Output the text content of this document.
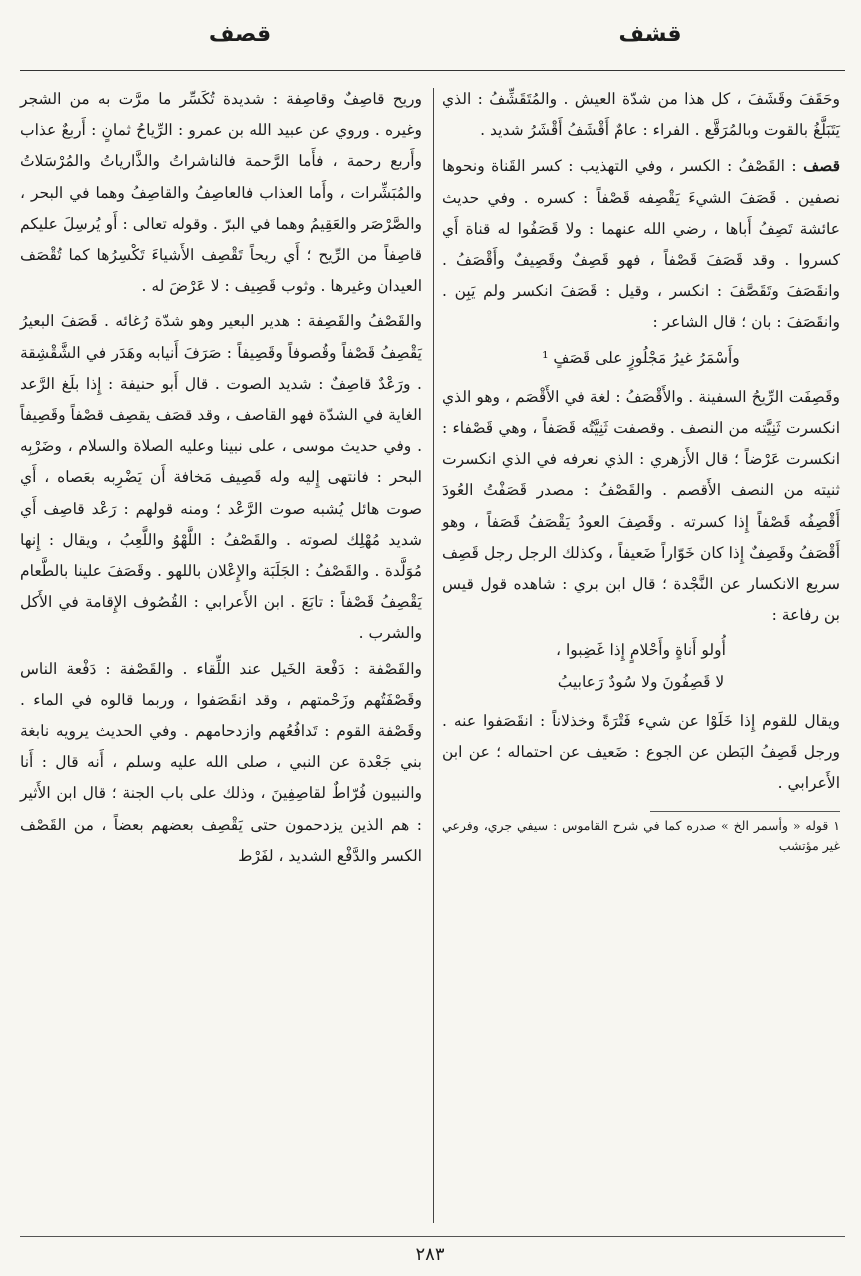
قشف
قصف

وحَقَفَ وقَشَفَ ، كل هذا من شدّة العيش . والمُتَقَشِّفُ : الذي يَتَبَلَّغُ بالقوت وبالمُرَقَّع . الفراء : عامٌ أَقْشَفُ أَقْشَرُ شديد .

قصف : القَصْفُ : الكسر ، وفي التهذيب : كسر القَناة ونحوها نصفين . قَصَفَ الشيءَ يَقْصِفه قَصْفاً : كسره . وفي حديث عائشة تَصِفُ أَباها ، رضي الله عنهما : ولا قَصَفُوا له قناة أَي كسروا . وقد قَصَفَ قَصْفاً ، فهو قَصِفٌ وقَصِيفٌ وأَقْصَفُ . وانقَصَفَ وتَقَصَّفَ : انكسر ، وقيل : قَصَفَ انكسر ولم يَبِن . وانقَصَفَ : بان ؛ قال الشاعر :

وأَسْمَرُ غيرُ مَجْلُوزٍ على قَصَفٍ ¹

وقَصِفَت الرِّيحُ السفينة . والأَقْصَفُ : لغة في الأَقْصَم ، وهو الذي انكسرت ثَنِيَّته من النصف . وقصفت ثَنِيَّتُه قَصَفاً ، وهي قَصْفاء : انكسرت عَرْضاً ؛ قال الأَزهري : الذي نعرفه في الذي انكسرت ثنيته من النصف الأَقصم . والقَصْفُ : مصدر قَصَفْتُ العُودَ أَقْصِفُه قَصْفاً إِذا كسرته . وقَصِفَ العودُ يَقْصَفُ قَصَفاً ، وهو أَقْصَفُ وقَصِفٌ إِذا كان خَوّاراً ضَعيفاً ، وكذلك الرجل رجل قَصِف سريع الانكسار عن النَّجْدة ؛ قال ابن بري : شاهده قول قيس بن رفاعة :

أُولو أَناةٍ وأَحْلامٍ إِذا غَضِبوا ،
لا قَصِفُونَ ولا سُودٌ رَعابيبُ

ويقال للقوم إِذا خَلَوْا عن شيء فَتْرَةً وخذلاناً : انقَصَفوا عنه . ورجل قَصِفُ البَطن عن الجوع : ضَعيف عن احتماله ؛ عن ابن الأَعرابي .

١ قوله « وأسمر الخ » صدره كما في شرح القاموس : سيفي جري، وفرعي غير مؤتشب

وريح قاصِفٌ وقاصِفة : شديدة تُكَسِّر ما مرَّت به من الشجر وغيره . وروي عن عبيد الله بن عمرو : الرِّياحُ ثمانٍ : أَربعٌ عذاب وأَربع رحمة ، فأَما الرَّحمة فالناشراتُ والذَّارياتُ والمُرْسَلاتُ والمُبَشِّرات ، وأَما العذاب فالعاصِفُ والقاصِفُ وهما في البحر ، والصَّرْصَر والعَقِيمُ وهما في البرّ . وقوله تعالى : أَو يُرسِلَ عليكم قاصِفاً من الرِّيح ؛ أَي ريحاً تَقْصِف الأَشياءَ تَكْسِرُها كما تُقْصَف العيدان وغيرها . وثوب قَصِيف : لا عَرْضَ له .

والقَصْفُ والقَصِفة : هدير البعير وهو شدّة رُغائه . قَصَفَ البعيرُ يَقْصِفُ قَصْفاً وقُصوفاً وقَصِيفاً : صَرَفَ أَنيابه وهَدَر في الشَّقْشِقة . ورَعْدٌ قاصِفٌ : شديد الصوت . قال أَبو حنيفة : إِذا بلَغ الرَّعد الغاية في الشدّة فهو القاصف ، وقد قصَف يقصِف قصْفاً وقَصِيفاً . وفي حديث موسى ، على نبينا وعليه الصلاة والسلام ، وضَرْبِه البحر : فانتهى إِليه وله قَصِيف مَخافة أَن يَضْرِبه بعَصاه ، أَي صوت هائل يُشبه صوت الرَّعْد ؛ ومنه قولهم : رَعْد قاصِف أَي شديد مُهْلِك لصوته . والقَصْفُ : اللَّهْوُ واللَّعِبُ ، ويقال : إِنها مُوَلَّدة . والقَصْفُ : الجَلَبَة والإِعْلان باللهو . وقَصَفَ علينا بالطَّعام يَقْصِفُ قَصْفاً : تابَعَ . ابن الأَعرابي : القُصُوف الإِقامة في الأَكل والشرب .

والقَصْفة : دَفْعة الخَيل عند اللِّقاء . والقَصْفة : دَفْعة الناس وقَصْفَتُهم وزَحْمتهم ، وقد انقَصَفوا ، وربما قالوه في الماء . وقَصْفة القوم : تَدافُعُهم وازدحامهم . وفي الحديث يرويه نابغة بني جَعْدة عن النبي ، صلى الله عليه وسلم ، أَنه قال : أَنا والنبيون فُرّاطٌ لقاصِفِينَ ، وذلك على باب الجنة ؛ قال ابن الأَثير : هم الذين يزدحمون حتى يَقْصِف بعضهم بعضاً ، من القَصْف الكسر والدَّفْع الشديد ، لفَرْط

٢٨٣
